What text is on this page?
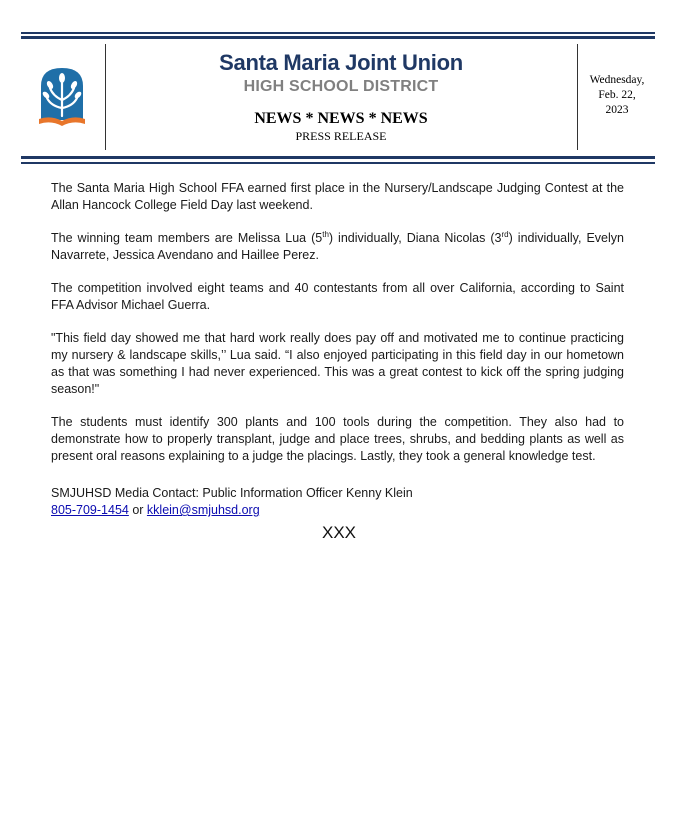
Santa Maria Joint Union
HIGH SCHOOL DISTRICT
NEWS * NEWS * NEWS
PRESS RELEASE
Wednesday,
Feb. 22,
2023

The Santa Maria High School FFA earned first place in the Nursery/Landscape Judging Contest at the Allan Hancock College Field Day last weekend.

The winning team members are Melissa Lua (5th) individually, Diana Nicolas (3rd) individually, Evelyn Navarrete, Jessica Avendano and Haillee Perez.

The competition involved eight teams and 40 contestants from all over California, according to Saint FFA Advisor Michael Guerra.

"This field day showed me that hard work really does pay off and motivated me to continue practicing my nursery & landscape skills,’’ Lua said. “I also enjoyed participating in this field day in our hometown as that was something I had never experienced. This was a great contest to kick off the spring judging season!"

The students must identify 300 plants and 100 tools during the competition. They also had to demonstrate how to properly transplant, judge and place trees, shrubs, and bedding plants as well as present oral reasons explaining to a judge the placings. Lastly, they took a general knowledge test.

SMJUHSD Media Contact: Public Information Officer Kenny Klein
805-709-1454 or kklein@smjuhsd.org
XXX
